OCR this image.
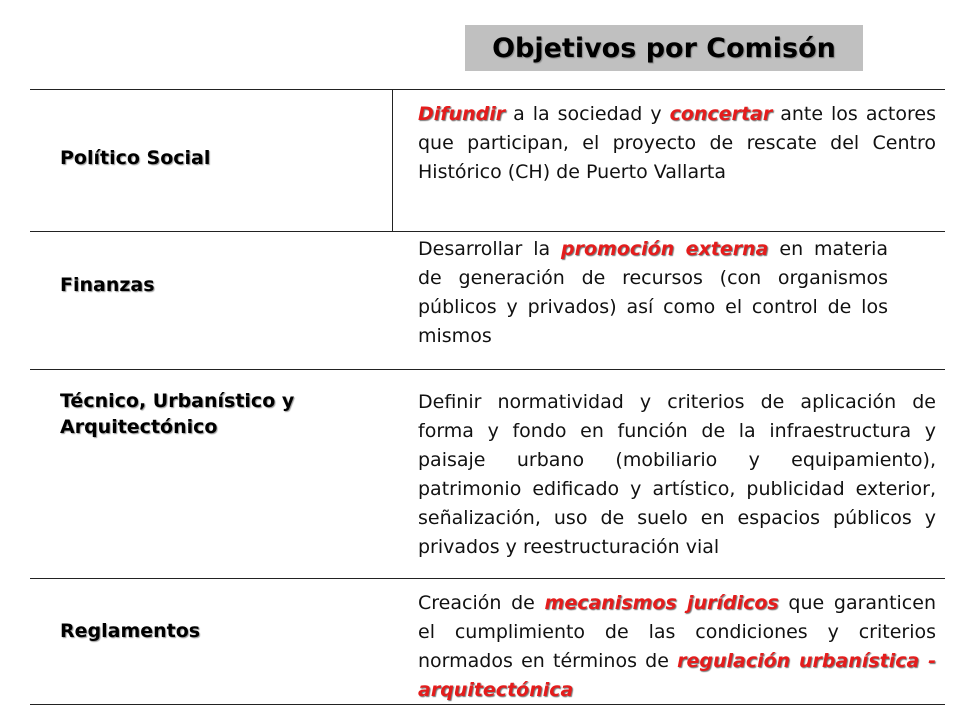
Objetivos por Comisón
Político Social
Difundir a la sociedad y concertar ante los actores que participan, el proyecto de rescate del Centro Histórico (CH) de Puerto Vallarta
Finanzas
Desarrollar la promoción externa en materia de generación de recursos (con organismos públicos y privados) así como el control de los mismos
Técnico, Urbanístico y Arquitectónico
Definir normatividad y criterios de aplicación de forma y fondo en función de la infraestructura y paisaje urbano (mobiliario y equipamiento), patrimonio edificado y artístico, publicidad exterior, señalización, uso de suelo en espacios públicos y privados y reestructuración vial
Reglamentos
Creación de mecanismos jurídicos que garanticen el cumplimiento de las condiciones y criterios normados en términos de regulación urbanística - arquitectónica
